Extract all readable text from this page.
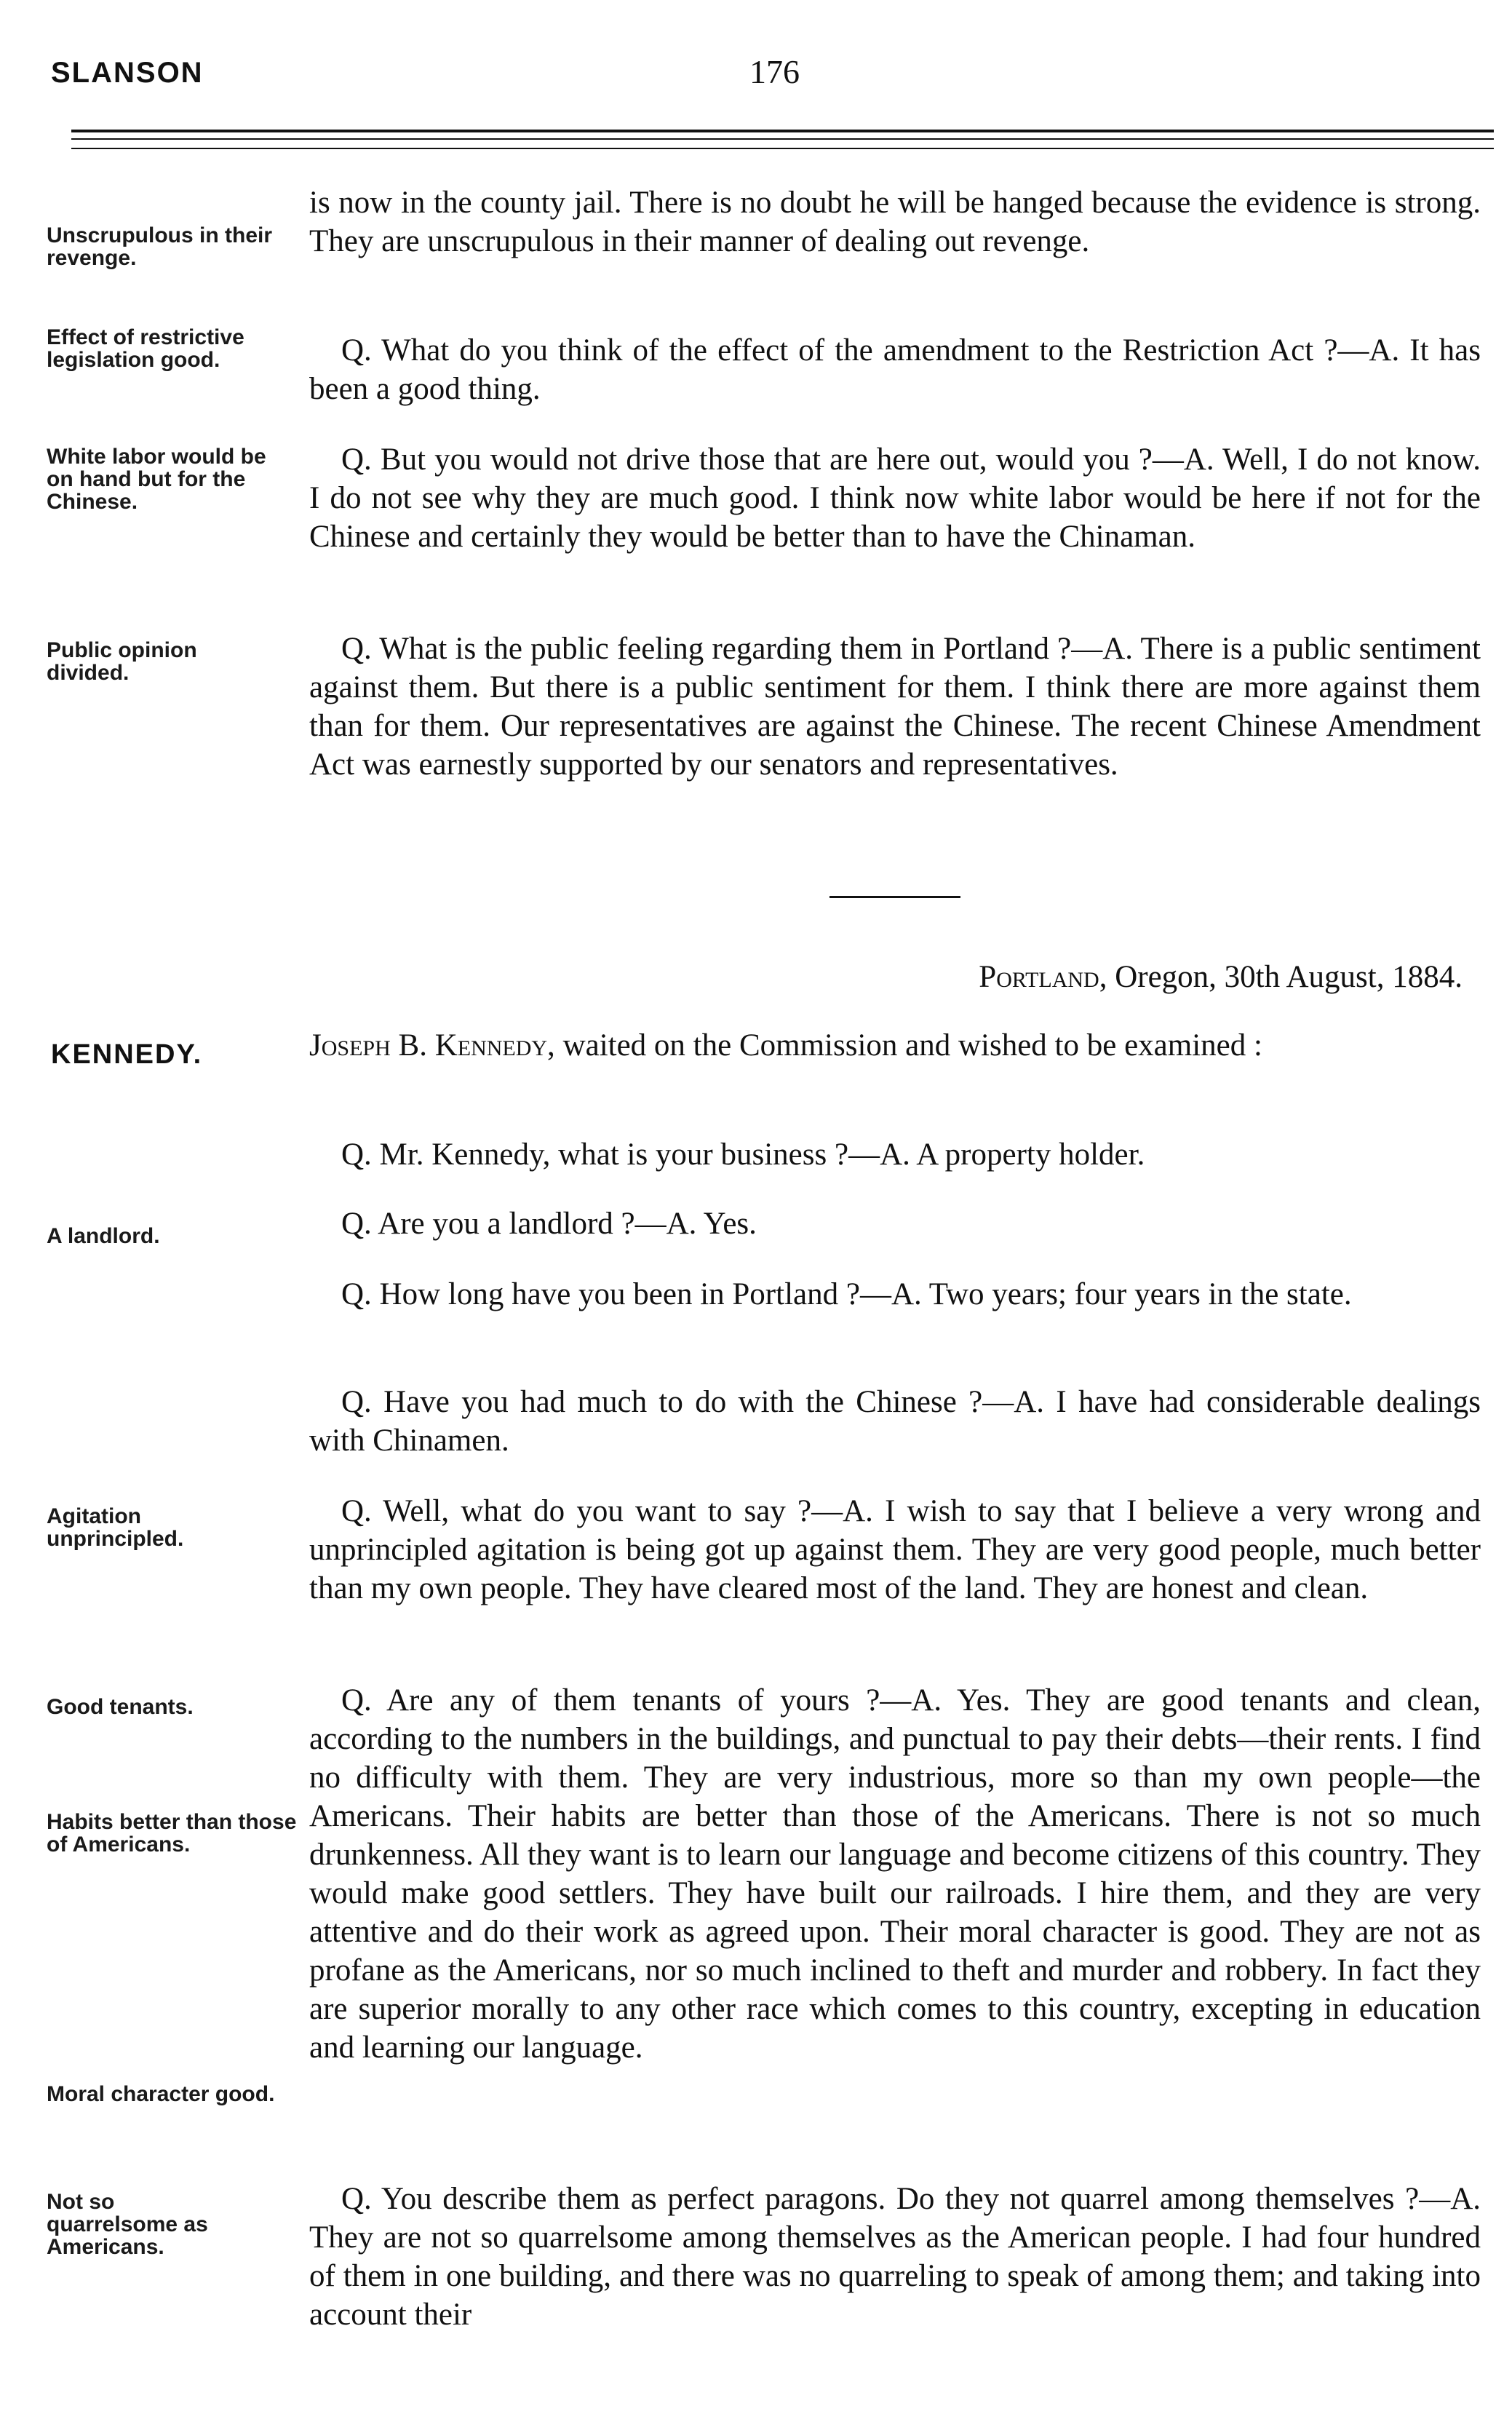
SLANSON	176
Unscrupulous in their revenge.
Effect of restrictive legislation good.
White labor would be on hand but for the Chinese.
Public opinion divided.

is now in the county jail. There is no doubt he will be hanged because the evidence is strong. They are unscrupulous in their manner of dealing out revenge.

Q. What do you think of the effect of the amendment to the Restriction Act ?—A. It has been a good thing.

Q. But you would not drive those that are here out, would you ?—A. Well, I do not know. I do not see why they are much good. I think now white labor would be here if not for the Chinese and certainly they would be better than to have the Chinaman.

Q. What is the public feeling regarding them in Portland ?—A. There is a public sentiment against them. But there is a public sentiment for them. I think there are more against them than for them. Our representatives are against the Chinese. The recent Chinese Amendment Act was earnestly supported by our senators and representatives.

Portland, Oregon, 30th August, 1884.
KENNEDY.	Joseph B. Kennedy, waited on the Commission and wished to be examined :

A landlord.
Agitation unprincipled.
Good tenants.
Habits better than those of Americans.
Moral character good.
Not so quarrelsome as Americans.

Q. Mr. Kennedy, what is your business ?—A. A property holder.

Q. Are you a landlord ?—A. Yes.

Q. How long have you been in Portland ?—A. Two years; four years in the state.

Q. Have you had much to do with the Chinese ?—A. I have had considerable dealings with Chinamen.

Q. Well, what do you want to say ?—A. I wish to say that I believe a very wrong and unprincipled agitation is being got up against them. They are very good people, much better than my own people. They have cleared most of the land. They are honest and clean.

Q. Are any of them tenants of yours ?—A. Yes. They are good tenants and clean, according to the numbers in the buildings, and punctual to pay their debts—their rents. I find no difficulty with them. They are very industrious, more so than my own people—the Americans. Their habits are better than those of the Americans. There is not so much drunkenness. All they want is to learn our language and become citizens of this country. They would make good settlers. They have built our railroads. I hire them, and they are very attentive and do their work as agreed upon. Their moral character is good. They are not as profane as the Americans, nor so much inclined to theft and murder and robbery. In fact they are superior morally to any other race which comes to this country, excepting in education and learning our language.

Q. You describe them as perfect paragons. Do they not quarrel among themselves ?—A. They are not so quarrelsome among themselves as the American people. I had four hundred of them in one building, and there was no quarreling to speak of among them; and taking into account their
